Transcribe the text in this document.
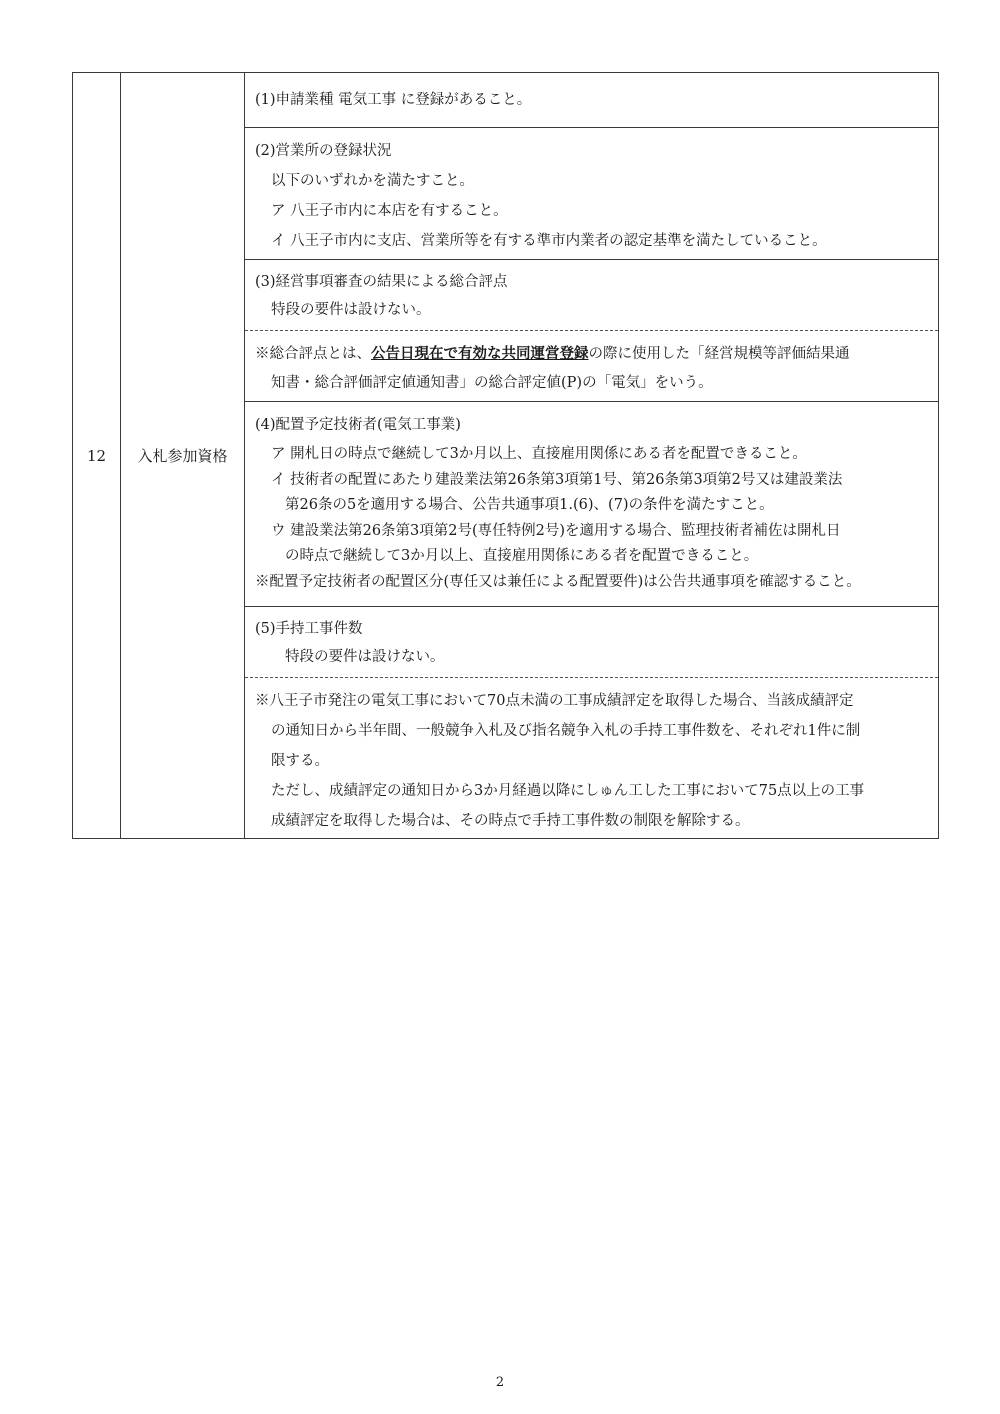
12	入札参加資格	
(1)申請業種 電気工事 に登録があること。
(2)営業所の登録状況
以下のいずれかを満たすこと。
ア 八王子市内に本店を有すること。
イ 八王子市内に支店、営業所等を有する準市内業者の認定基準を満たしていること。
(3)経営事項審査の結果による総合評点
特段の要件は設けない。
※総合評点とは、公告日現在で有効な共同運営登録の際に使用した「経営規模等評価結果通
知書・総合評価評定値通知書」の総合評定値(P)の「電気」をいう。
(4)配置予定技術者(電気工事業)
ア 開札日の時点で継続して3か月以上、直接雇用関係にある者を配置できること。
イ 技術者の配置にあたり建設業法第26条第3項第1号、第26条第3項第2号又は建設業法
第26条の5を適用する場合、公告共通事項1.(6)、(7)の条件を満たすこと。
ウ 建設業法第26条第3項第2号(専任特例2号)を適用する場合、監理技術者補佐は開札日
の時点で継続して3か月以上、直接雇用関係にある者を配置できること。
※配置予定技術者の配置区分(専任又は兼任による配置要件)は公告共通事項を確認すること。
(5)手持工事件数
特段の要件は設けない。
※八王子市発注の電気工事において70点未満の工事成績評定を取得した場合、当該成績評定
の通知日から半年間、一般競争入札及び指名競争入札の手持工事件数を、それぞれ1件に制
限する。
ただし、成績評定の通知日から3か月経過以降にしゅん工した工事において75点以上の工事
成績評定を取得した場合は、その時点で手持工事件数の制限を解除する。
2
